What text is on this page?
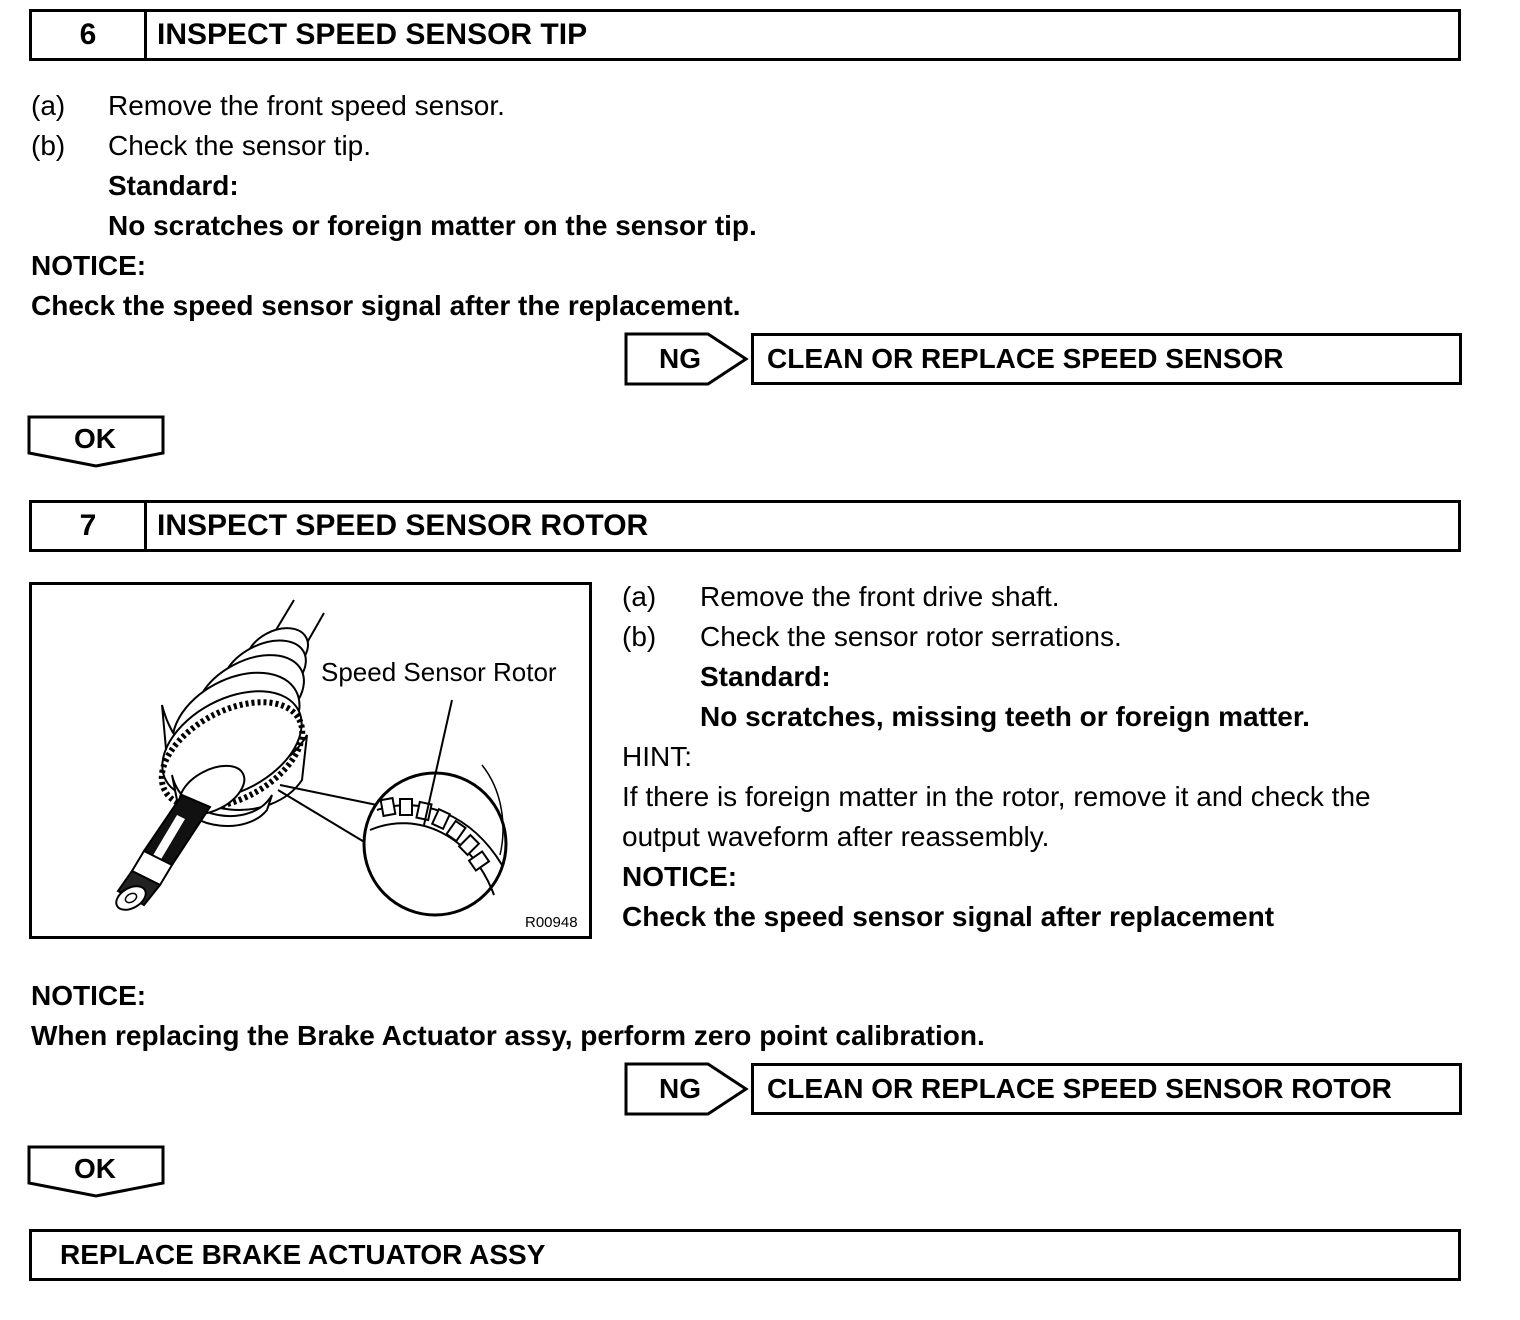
6	INSPECT SPEED SENSOR TIP
(a) Remove the front speed sensor.
(b) Check the sensor tip.
Standard:
No scratches or foreign matter on the sensor tip.
NOTICE:
Check the speed sensor signal after the replacement.
NG	CLEAN OR REPLACE SPEED SENSOR
OK
7	INSPECT SPEED SENSOR ROTOR
Speed Sensor Rotor
R00948
(a) Remove the front drive shaft.
(b) Check the sensor rotor serrations.
Standard:
No scratches, missing teeth or foreign matter.
HINT:
If there is foreign matter in the rotor, remove it and check the
output waveform after reassembly.
NOTICE:
Check the speed sensor signal after replacement
NOTICE:
When replacing the Brake Actuator assy, perform zero point calibration.
NG	CLEAN OR REPLACE SPEED SENSOR ROTOR
OK
REPLACE BRAKE ACTUATOR ASSY
